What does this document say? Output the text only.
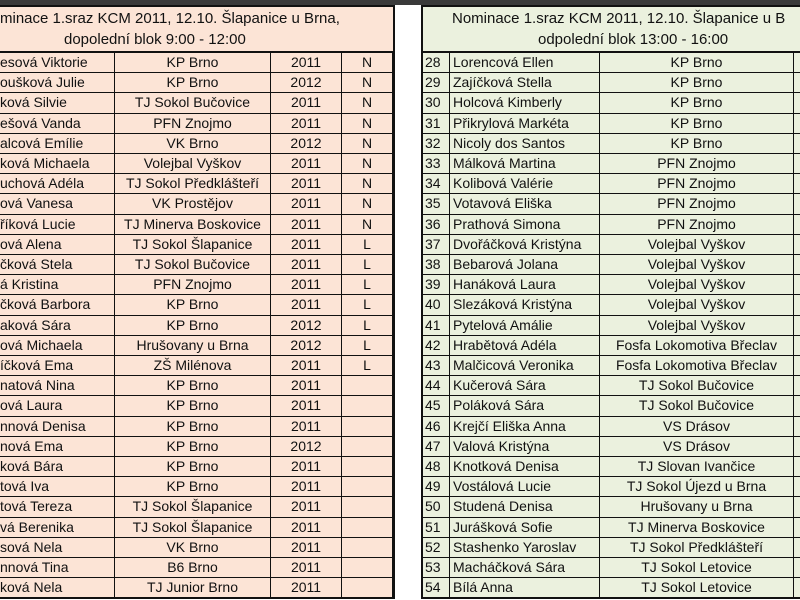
minace 1.sraz KCM 2011, 12.10. Šlapanice u Brna,
dopolední blok 9:00 - 12:00
esová Viktorie	KP Brno	2011	N
oušková Julie	KP Brno	2012	N
ková Silvie	TJ Sokol Bučovice	2011	N
ešová Vanda	PFN Znojmo	2011	N
alcová Emílie	VK Brno	2012	N
ková Michaela	Volejbal Vyškov	2011	N
uchová Adéla	TJ Sokol Předklášteří	2011	N
ová Vanesa	VK Prostějov	2011	N
říková Lucie	TJ Minerva Boskovice	2011	N
ová Alena	TJ Sokol Šlapanice	2011	L
čková Stela	TJ Sokol Bučovice	2011	L
á Kristina	PFN Znojmo	2011	L
čková Barbora	KP Brno	2011	L
aková Sára	KP Brno	2012	L
ová Michaela	Hrušovany u Brna	2012	L
íčková Ema	ZŠ Milénova	2011	L
natová Nina	KP Brno	2011
ová Laura	KP Brno	2011
nnová Denisa	KP Brno	2011
nová Ema	KP Brno	2012
ková Bára	KP Brno	2011
tová Iva	KP Brno	2011
tová Tereza	TJ Sokol Šlapanice	2011
vá Berenika	TJ Sokol Šlapanice	2011
sová Nela	VK Brno	2011
nnová Tina	B6 Brno	2011
ková Nela	TJ Junior Brno	2011
Nominace 1.sraz KCM 2011, 12.10. Šlapanice u B
odpolední blok 13:00 - 16:00
28 Lorencová Ellen	KP Brno
29 Zajíčková Stella	KP Brno
30 Holcová Kimberly	KP Brno
31 Přikrylová Markéta	KP Brno
32 Nicoly dos Santos	KP Brno
33 Málková Martina	PFN Znojmo
34 Kolibová Valérie	PFN Znojmo
35 Votavová Eliška	PFN Znojmo
36 Prathová Simona	PFN Znojmo
37 Dvořáčková Kristýna	Volejbal Vyškov
38 Bebarová Jolana	Volejbal Vyškov
39 Hanáková Laura	Volejbal Vyškov
40 Slezáková Kristýna	Volejbal Vyškov
41 Pytelová Amálie	Volejbal Vyškov
42 Hrabětová Adéla	Fosfa Lokomotiva Břeclav
43 Malčicová Veronika	Fosfa Lokomotiva Břeclav
44 Kučerová Sára	TJ Sokol Bučovice
45 Poláková Sára	TJ Sokol Bučovice
46 Krejčí Eliška Anna	VS Drásov
47 Valová Kristýna	VS Drásov
48 Knotková Denisa	TJ Slovan Ivančice
49 Vostálová Lucie	TJ Sokol Újezd u Brna
50 Studená Denisa	Hrušovany u Brna
51 Jurášková Sofie	TJ Minerva Boskovice
52 Stashenko Yaroslav	TJ Sokol Předklášteří
53 Macháčková Sára	TJ Sokol Letovice
54 Bílá Anna	TJ Sokol Letovice
